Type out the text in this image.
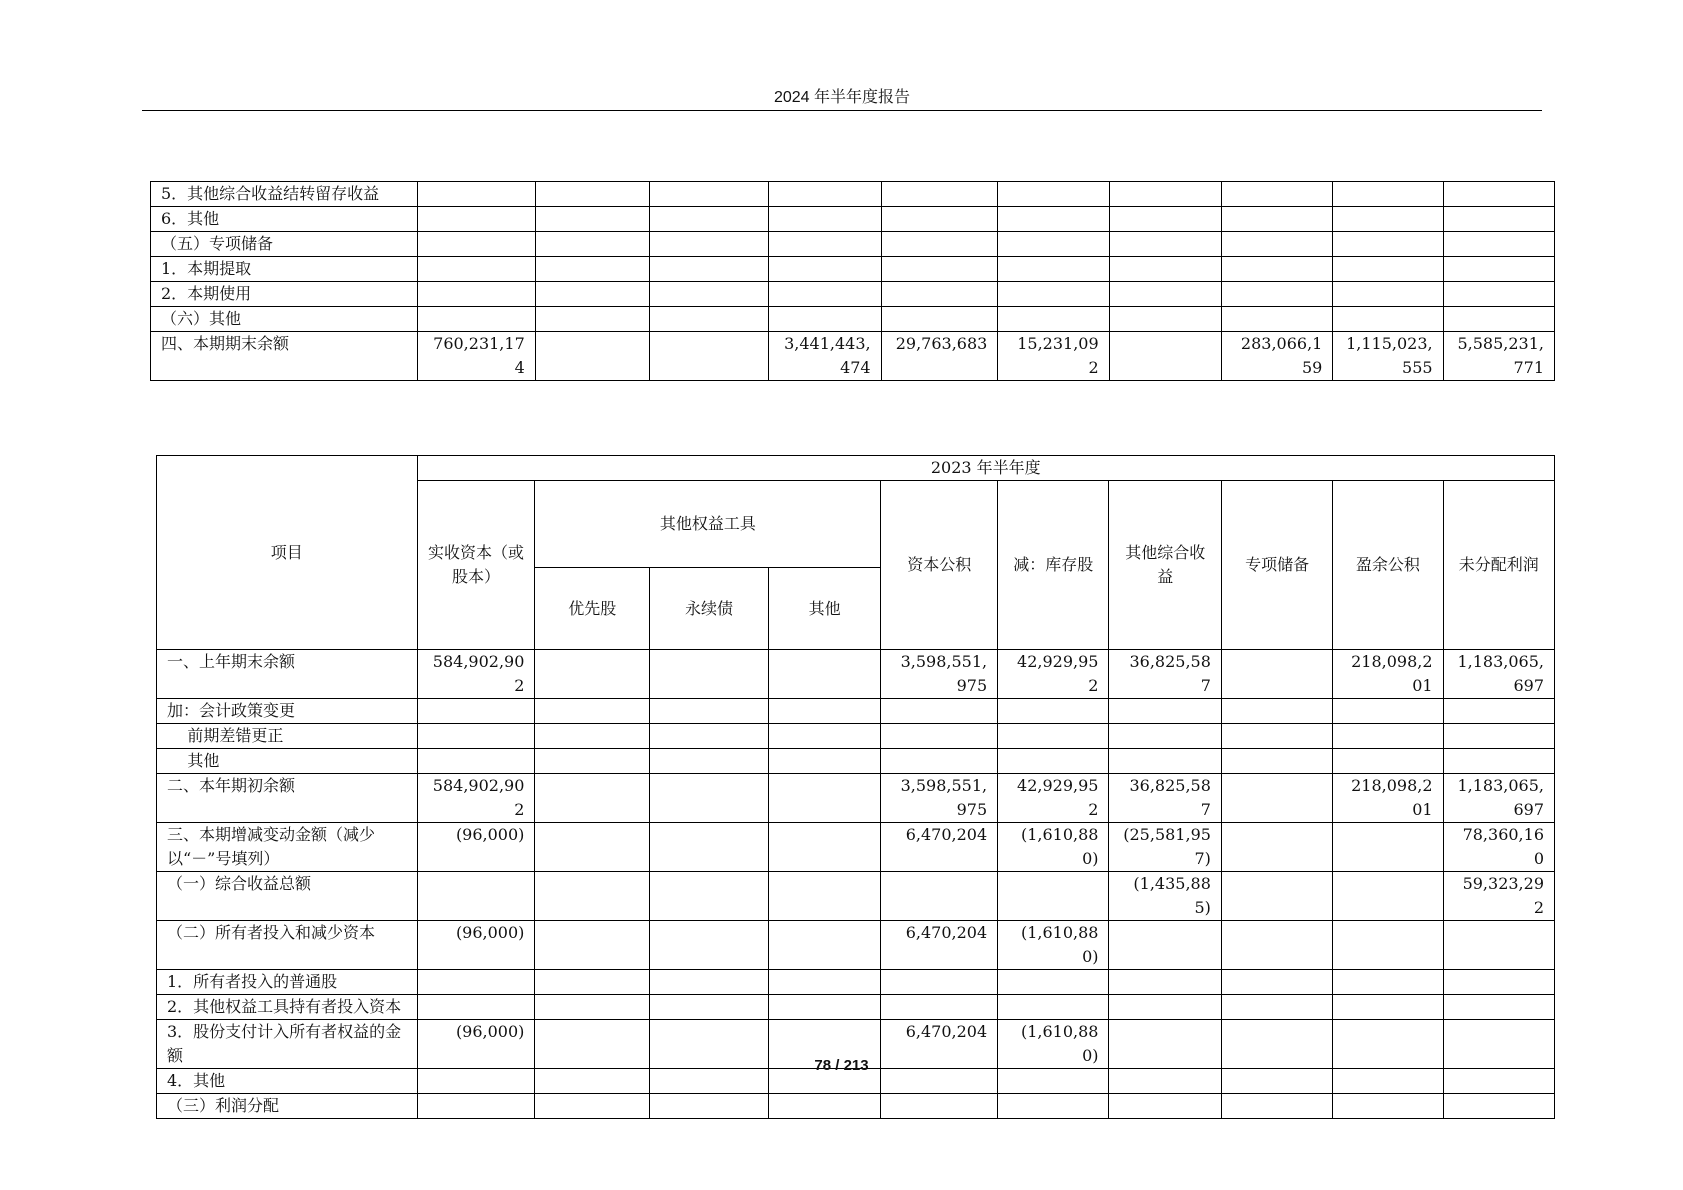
2024 年半年度报告
5．其他综合收益结转留存收益										
6．其他										
（五）专项储备										
1．本期提取										
2．本期使用										
（六）其他										
四、本期期末余额	760,231,174			3,441,443,474	29,763,683	15,231,092		283,066,159	1,115,023,555	5,585,231,771
项目	2023 年半年度										
	实收资本（或股本）	其他权益工具			资本公积	减：库存股	其他综合收益	专项储备	盈余公积	未分配利润	
		优先股	永续债	其他							
一、上年期末余额	584,902,902				3,598,551,975	42,929,952	36,825,587		218,098,201	1,183,065,697	
加：会计政策变更											
前期差错更正											
其他											
二、本年期初余额	584,902,902				3,598,551,975	42,929,952	36,825,587		218,098,201	1,183,065,697	
三、本期增减变动金额（减少以“－”号填列）	(96,000)				6,470,204	(1,610,880)	(25,581,957)			78,360,160	
（一）综合收益总额							(1,435,885)			59,323,292	
（二）所有者投入和减少资本	(96,000)				6,470,204	(1,610,880)					
1．所有者投入的普通股											
2．其他权益工具持有者投入资本											
3．股份支付计入所有者权益的金额	(96,000)				6,470,204	(1,610,880)					
4．其他											
（三）利润分配											
78 / 213
